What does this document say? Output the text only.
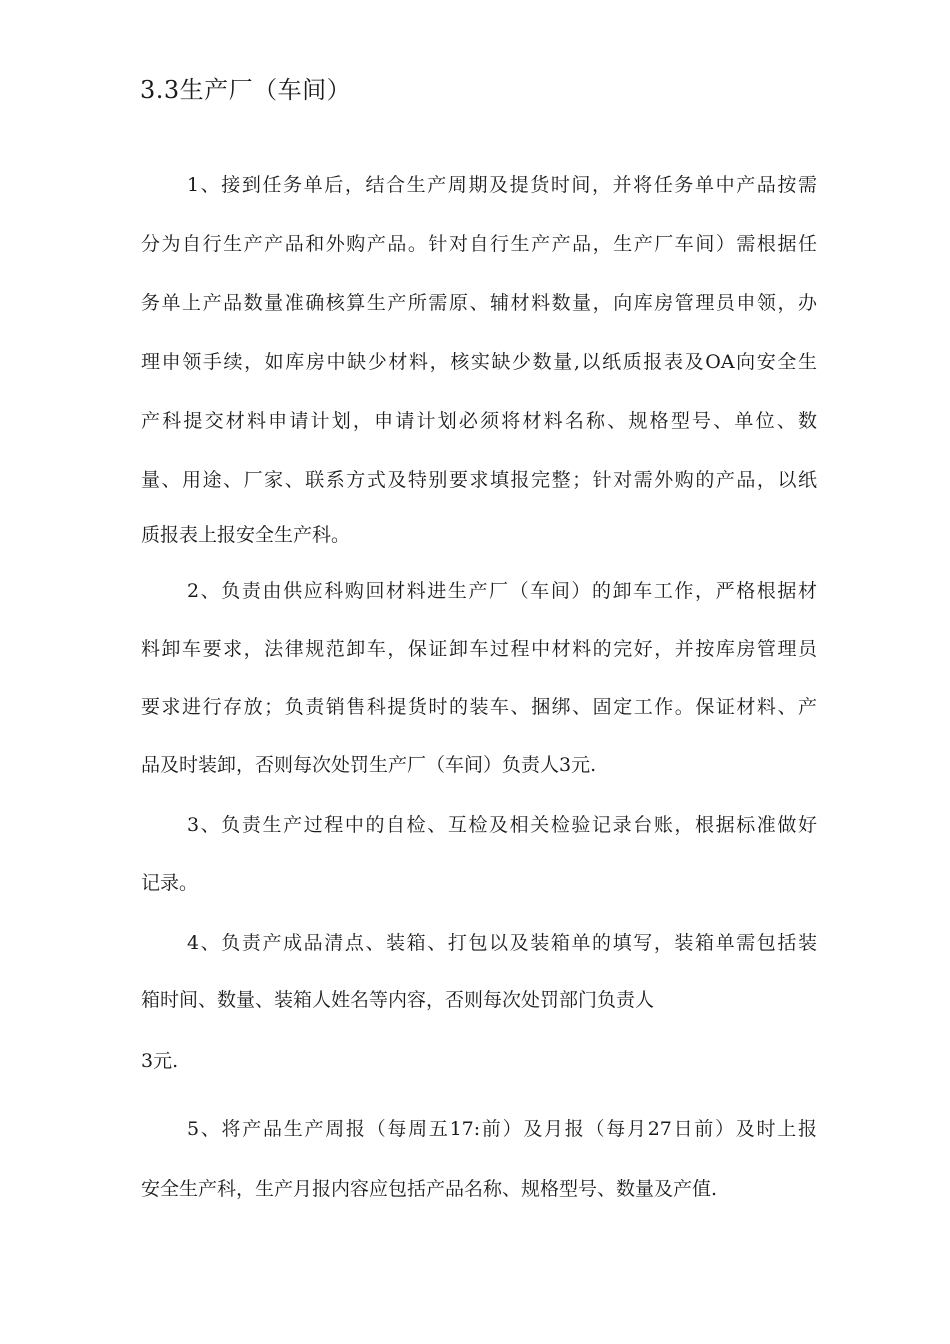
3.3生产厂（车间）
1、接到任务单后，结合生产周期及提货时间，并将任务单中产品按需
分为自行生产产品和外购产品。针对自行生产产品，生产厂车间）需根据任
务单上产品数量准确核算生产所需原、辅材料数量，向库房管理员申领，办
理申领手续，如库房中缺少材料，核实缺少数量,以纸质报表及OA向安全生
产科提交材料申请计划，申请计划必须将材料名称、规格型号、单位、数
量、用途、厂家、联系方式及特别要求填报完整；针对需外购的产品，以纸
质报表上报安全生产科。
2、负责由供应科购回材料进生产厂（车间）的卸车工作，严格根据材
料卸车要求，法律规范卸车，保证卸车过程中材料的完好，并按库房管理员
要求进行存放；负责销售科提货时的装车、捆绑、固定工作。保证材料、产
品及时装卸，否则每次处罚生产厂（车间）负责人3元.
3、负责生产过程中的自检、互检及相关检验记录台账，根据标准做好
记录。
4、负责产成品清点、装箱、打包以及装箱单的填写，装箱单需包括装
箱时间、数量、装箱人姓名等内容，否则每次处罚部门负责人
3元.
5、将产品生产周报（每周五17:前）及月报（每月27日前）及时上报
安全生产科，生产月报内容应包括产品名称、规格型号、数量及产值.
